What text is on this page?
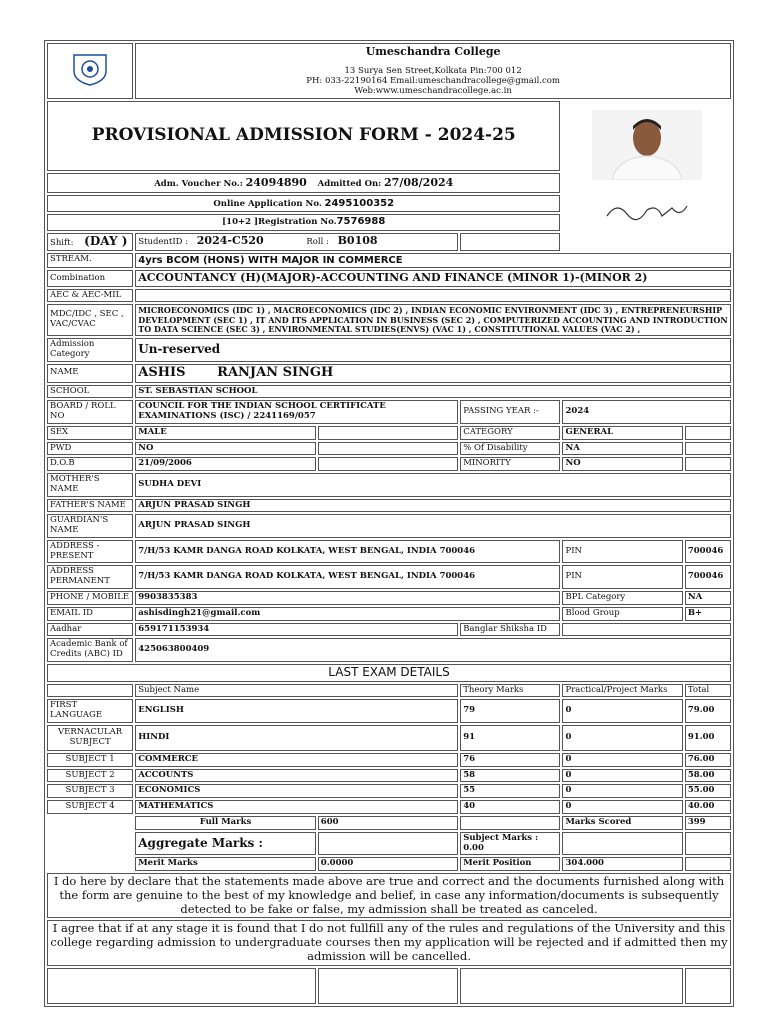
Umeschandra College
13 Surya Sen Street,Kolkata Pin:700 012
PH: 033-22190164 Email:umeschandracollege@gmail.com
Web:www.umeschandracollege.ac.in				

PROVISIONAL ADMISSION FORM - 2024-25

Adm. Voucher No.: 24094890 Admitted On: 27/08/2024					
Online Application No. 2495100352	
[10+2 ]Registration No.7576988					
Shift: (DAY )	StudentID : 2024-C520 Roll : B0108				
STREAM.	4yrs BCOM (HONS) WITH MAJOR IN COMMERCE				
Combination	ACCOUNTANCY (H)(MAJOR)-ACCOUNTING AND FINANCE (MINOR 1)-(MINOR 2)				
AEC & AEC-MIL					
MDC/IDC , SEC , VAC/CVAC	MICROECONOMICS (IDC 1) , MACROECONOMICS (IDC 2) , INDIAN ECONOMIC ENVIRONMENT (IDC 3) , ENTREPRENEURSHIP DEVELOPMENT (SEC 1) , IT AND ITS APPLICATION IN BUSINESS (SEC 2) , COMPUTERIZED ACCOUNTING AND INTRODUCTION TO DATA SCIENCE (SEC 3) , ENVIRONMENTAL STUDIES(ENVS) (VAC 1) , CONSTITUTIONAL VALUES (VAC 2) ,				
Admission Category	Un-reserved				
NAME	ASHIS       RANJAN SINGH				
SCHOOL	ST. SEBASTIAN SCHOOL				
BOARD / ROLL NO	COUNCIL FOR THE INDIAN SCHOOL CERTIFICATE EXAMINATIONS (ISC) / 2241169/057		PASSING YEAR :-	2024	
SEX	MALE		CATEGORY	GENERAL	
PWD	NO		% Of Disability	NA	
D.O.B	21/09/2006		MINORITY	NO	
MOTHER'S NAME	SUDHA DEVI				
FATHER'S NAME	ARJUN PRASAD SINGH				
GUARDIAN'S NAME	ARJUN PRASAD SINGH				
ADDRESS - PRESENT	7/H/53 KAMR DANGA ROAD KOLKATA, WEST BENGAL, INDIA 700046			PIN	700046
ADDRESS PERMANENT	7/H/53 KAMR DANGA ROAD KOLKATA, WEST BENGAL, INDIA 700046			PIN	700046
PHONE / MOBILE	9903835383			BPL Category	NA
EMAIL ID	ashisdingh21@gmail.com			Blood Group	B+
Aadhar	659171153934		Banglar Shiksha ID		
Academic Bank of Credits (ABC) ID	425063800409				
LAST EXAM DETAILS					
	Subject Name		Theory Marks	Practical/Project Marks	Total
FIRST LANGUAGE	ENGLISH		79	0	79.00
VERNACULAR SUBJECT	HINDI		91	0	91.00
SUBJECT 1	COMMERCE		76	0	76.00
SUBJECT 2	ACCOUNTS		58	0	58.00
SUBJECT 3	ECONOMICS		55	0	55.00
SUBJECT 4	MATHEMATICS		40	0	40.00
	Full Marks	600		Marks Scored	399
	Aggregate Marks :		Subject Marks : 0.00		
	Merit Marks	0.0000	Merit Position	304.000	
I do here by declare that the statements made above are true and correct and the documents furnished along with the form are genuine to the best of my knowledge and belief, in case any information/documents is subsequently detected to be fake or false, my admission shall be treated as canceled.					
I agree that if at any stage it is found that I do not fullfill any of the rules and regulations of the University and this college regarding admission to undergraduate courses then my application will be rejected and if admitted then my admission will be cancelled.					
